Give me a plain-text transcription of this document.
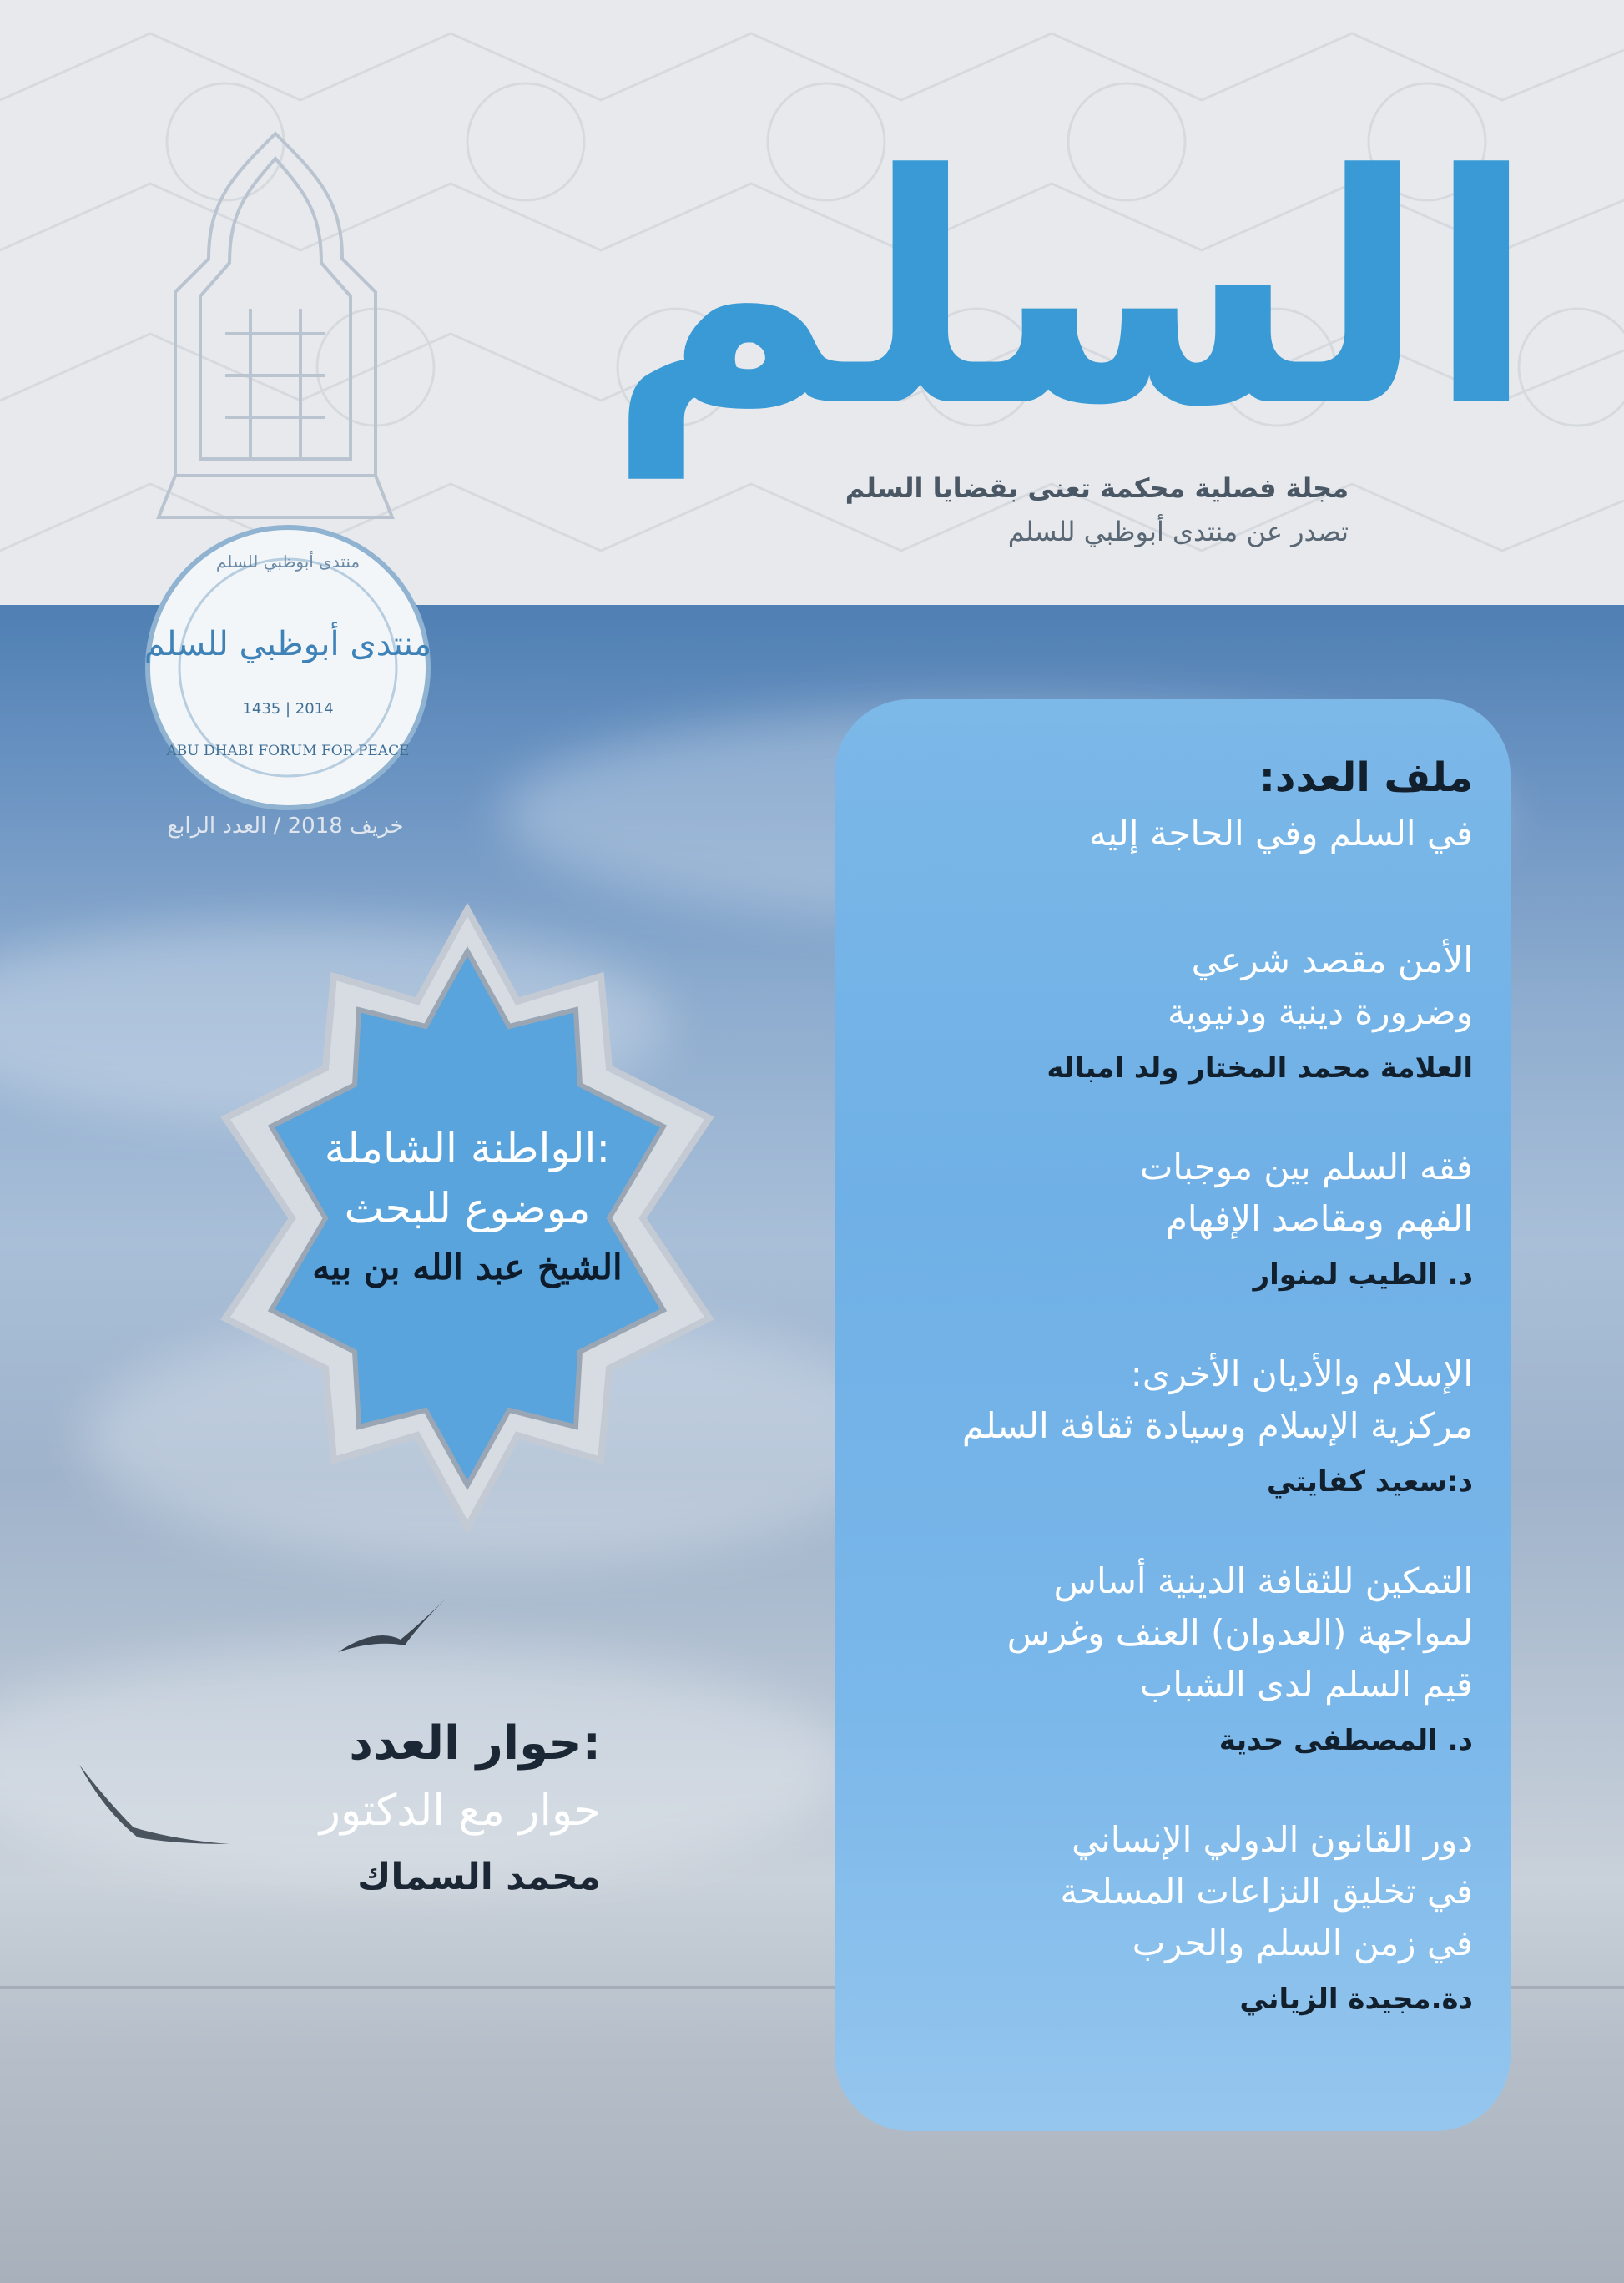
السلم
مجلة فصلية محكمة تعنى بقضايا السلم
تصدر عن منتدى أبوظبي للسلم
منتدى أبوظبي للسلم
منتدى أبوظبي للسلم
1435 | 2014
ABU DHABI FORUM FOR PEACE
خريف 2018 / العدد الرابع
الواطنة الشاملة:
موضوع للبحث
الشيخ عبد الله بن بيه
حوار العدد:
حوار مع الدكتور
محمد السماك
ملف العدد:
في السلم وفي الحاجة إليه
الأمن مقصد شرعي
وضرورة دينية ودنيوية
العلامة محمد المختار ولد امباله
فقه السلم بين موجبات
الفهم ومقاصد الإفهام
د. الطيب لمنوار
الإسلام والأديان الأخرى:
مركزية الإسلام وسيادة ثقافة السلم
د:سعيد كفايتي
التمكين للثقافة الدينية أساس
لمواجهة (العدوان) العنف وغرس
قيم السلم لدى الشباب
د. المصطفى حدية
دور القانون الدولي الإنساني
في تخليق النزاعات المسلحة
في زمن السلم والحرب
دة.مجيدة الزياني
